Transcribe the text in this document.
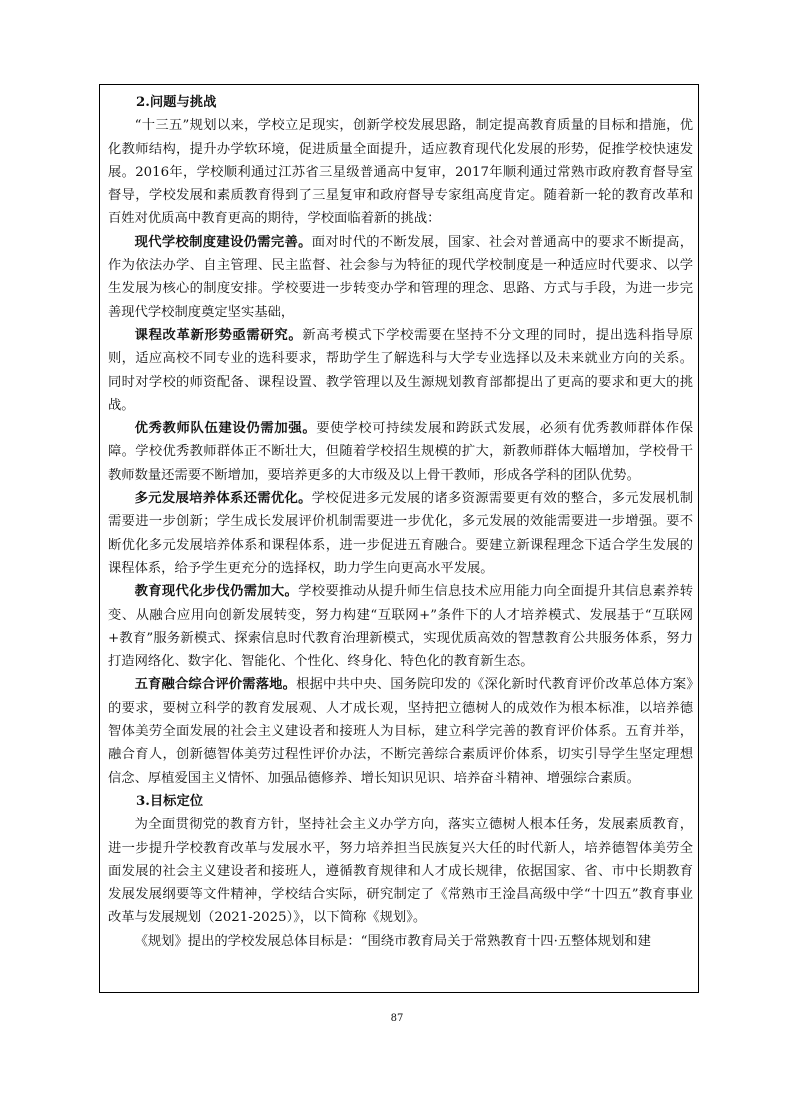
2.问题与挑战

“十三五”规划以来，学校立足现实，创新学校发展思路，制定提高教育质量的目标和措施，优化教师结构，提升办学软环境，促进质量全面提升，适应教育现代化发展的形势，促推学校快速发展。2016年，学校顺利通过江苏省三星级普通高中复审，2017年顺利通过常熟市政府教育督导室督导，学校发展和素质教育得到了三星复审和政府督导专家组高度肯定。随着新一轮的教育改革和百姓对优质高中教育更高的期待，学校面临着新的挑战：

现代学校制度建设仍需完善。面对时代的不断发展，国家、社会对普通高中的要求不断提高，作为依法办学、自主管理、民主监督、社会参与为特征的现代学校制度是一种适应时代要求、以学生发展为核心的制度安排。学校要进一步转变办学和管理的理念、思路、方式与手段，为进一步完善现代学校制度奠定坚实基础，

课程改革新形势亟需研究。新高考模式下学校需要在坚持不分文理的同时，提出选科指导原则，适应高校不同专业的选科要求，帮助学生了解选科与大学专业选择以及未来就业方向的关系。同时对学校的师资配备、课程设置、教学管理以及生源规划教育部都提出了更高的要求和更大的挑战。

优秀教师队伍建设仍需加强。要使学校可持续发展和跨跃式发展，必须有优秀教师群体作保障。学校优秀教师群体正不断壮大，但随着学校招生规模的扩大，新教师群体大幅增加，学校骨干教师数量还需要不断增加，要培养更多的大市级及以上骨干教师，形成各学科的团队优势。

多元发展培养体系还需优化。学校促进多元发展的诸多资源需要更有效的整合，多元发展机制需要进一步创新；学生成长发展评价机制需要进一步优化，多元发展的效能需要进一步增强。要不断优化多元发展培养体系和课程体系，进一步促进五育融合。要建立新课程理念下适合学生发展的课程体系，给予学生更充分的选择权，助力学生向更高水平发展。

教育现代化步伐仍需加大。学校要推动从提升师生信息技术应用能力向全面提升其信息素养转变、从融合应用向创新发展转变，努力构建“互联网+”条件下的人才培养模式、发展基于“互联网+教育”服务新模式、探索信息时代教育治理新模式，实现优质高效的智慧教育公共服务体系，努力打造网络化、数字化、智能化、个性化、终身化、特色化的教育新生态。

五育融合综合评价需落地。根据中共中央、国务院印发的《深化新时代教育评价改革总体方案》的要求，要树立科学的教育发展观、人才成长观，坚持把立德树人的成效作为根本标准，以培养德智体美劳全面发展的社会主义建设者和接班人为目标，建立科学完善的教育评价体系。五育并举，融合育人，创新德智体美劳过程性评价办法，不断完善综合素质评价体系，切实引导学生坚定理想信念、厚植爱国主义情怀、加强品德修养、增长知识见识、培养奋斗精神、增强综合素质。

3.目标定位

为全面贯彻党的教育方针，坚持社会主义办学方向，落实立德树人根本任务，发展素质教育，进一步提升学校教育改革与发展水平，努力培养担当民族复兴大任的时代新人，培养德智体美劳全面发展的社会主义建设者和接班人，遵循教育规律和人才成长规律，依据国家、省、市中长期教育发展发展纲要等文件精神，学校结合实际，研究制定了《常熟市王淦昌高级中学“十四五”教育事业改革与发展规划（2021-2025）》，以下简称《规划》。

《规划》提出的学校发展总体目标是：“围绕市教育局关于常熟教育十四·五整体规划和建

87
